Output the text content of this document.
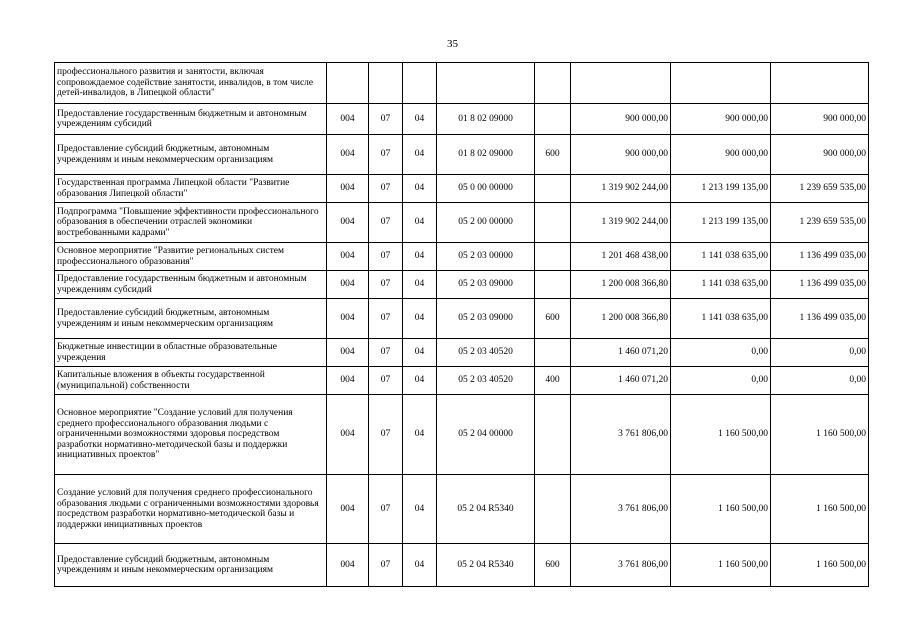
35
профессионального развития и занятости, включая сопровождаемое содействие занятости, инвалидов, в том числе детей-инвалидов, в Липецкой области"								
Предоставление государственным бюджетным и автономным учреждениям субсидий	004	07	04	01 8 02 09000		900 000,00	900 000,00	900 000,00
Предоставление субсидий бюджетным, автономным учреждениям и иным некоммерческим организациям	004	07	04	01 8 02 09000	600	900 000,00	900 000,00	900 000,00
Государственная программа Липецкой области "Развитие образования Липецкой области"	004	07	04	05 0 00 00000		1 319 902 244,00	1 213 199 135,00	1 239 659 535,00
Подпрограмма "Повышение эффективности профессионального образования в обеспечении отраслей экономики востребованными кадрами"	004	07	04	05 2 00 00000		1 319 902 244,00	1 213 199 135,00	1 239 659 535,00
Основное мероприятие "Развитие региональных систем профессионального образования"	004	07	04	05 2 03 00000		1 201 468 438,00	1 141 038 635,00	1 136 499 035,00
Предоставление государственным бюджетным и автономным учреждениям субсидий	004	07	04	05 2 03 09000		1 200 008 366,80	1 141 038 635,00	1 136 499 035,00
Предоставление субсидий бюджетным, автономным учреждениям и иным некоммерческим организациям	004	07	04	05 2 03 09000	600	1 200 008 366,80	1 141 038 635,00	1 136 499 035,00
Бюджетные инвестиции в областные образовательные учреждения	004	07	04	05 2 03 40520		1 460 071,20	0,00	0,00
Капитальные вложения в объекты государственной (муниципальной) собственности	004	07	04	05 2 03 40520	400	1 460 071,20	0,00	0,00
Основное мероприятие "Создание условий для получения среднего профессионального образования людьми с ограниченными возможностями здоровья посредством разработки нормативно-методической базы и поддержки инициативных проектов"	004	07	04	05 2 04 00000		3 761 806,00	1 160 500,00	1 160 500,00
Создание условий для получения среднего профессионального образования людьми с ограниченными возможностями здоровья посредством разработки нормативно-методической базы и поддержки инициативных проектов	004	07	04	05 2 04 R5340		3 761 806,00	1 160 500,00	1 160 500,00
Предоставление субсидий бюджетным, автономным учреждениям и иным некоммерческим организациям	004	07	04	05 2 04 R5340	600	3 761 806,00	1 160 500,00	1 160 500,00
